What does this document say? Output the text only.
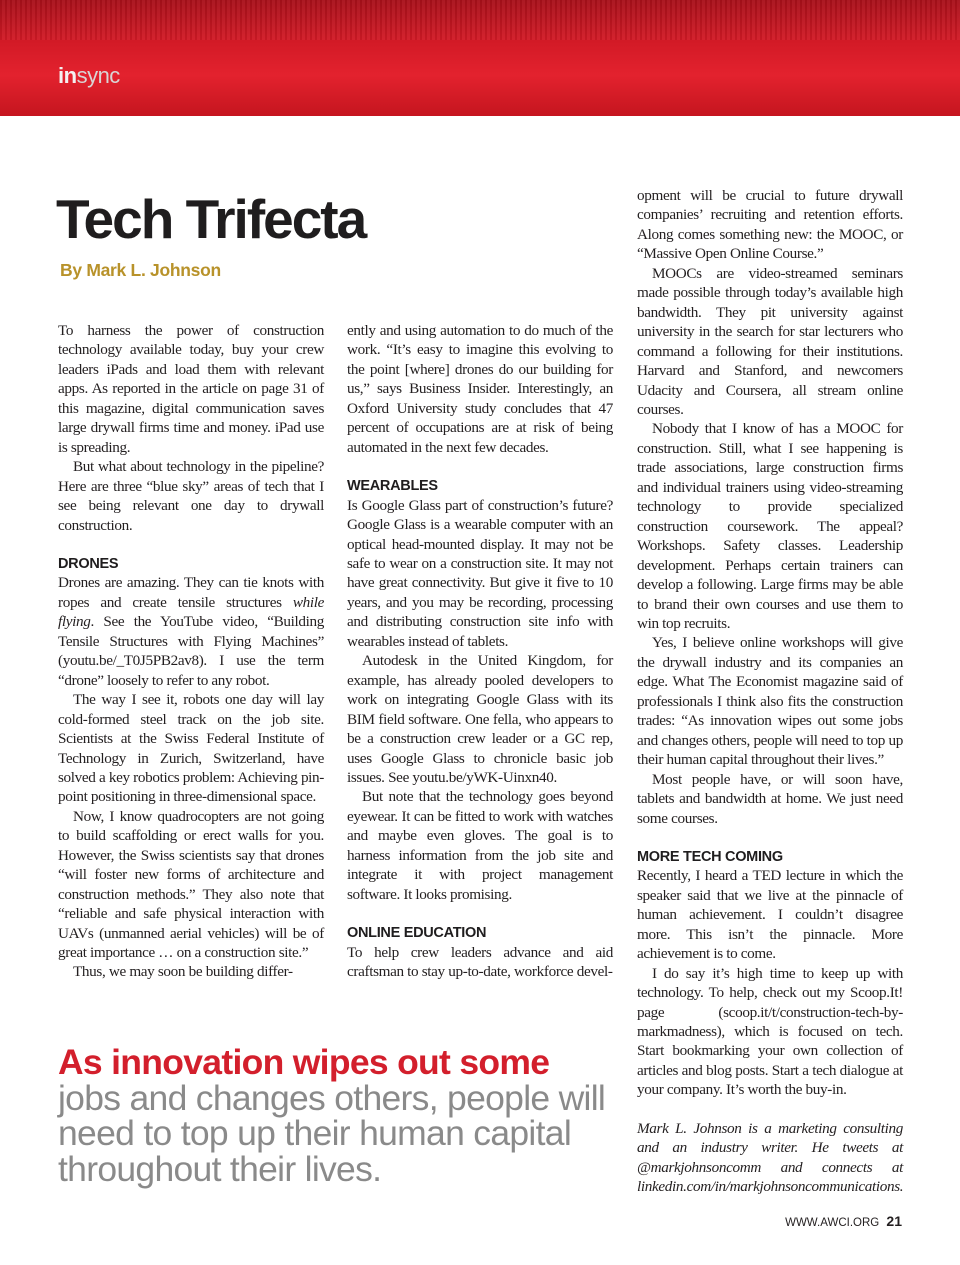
insync
Tech Trifecta
By Mark L. Johnson

To harness the power of construction technology available today, buy your crew leaders iPads and load them with relevant apps. As reported in the article on page 31 of this magazine, digital communication saves large drywall firms time and money. iPad use is spreading.

But what about technology in the pipeline? Here are three “blue sky” areas of tech that I see being relevant one day to drywall construction.

DRONES

Drones are amazing. They can tie knots with ropes and create tensile structures while flying. See the YouTube video, “Building Tensile Structures with Flying Machines” (youtu.be/_T0J5PB2av8). I use the term “drone” loosely to refer to any robot.

The way I see it, robots one day will lay cold-formed steel track on the job site. Scientists at the Swiss Federal Institute of Technology in Zurich, Switzerland, have solved a key robotics problem: Achieving pin-point positioning in three-dimensional space.

Now, I know quadrocopters are not going to build scaffolding or erect walls for you. However, the Swiss scientists say that drones “will foster new forms of architecture and construction methods.” They also note that “reliable and safe physical interaction with UAVs (unmanned aerial vehicles) will be of great importance … on a construction site.”

Thus, we may soon be building differ-

ently and using automation to do much of the work. “It’s easy to imagine this evolving to the point [where] drones do our building for us,” says Business Insider. Interestingly, an Oxford University study concludes that 47 percent of occupations are at risk of being automated in the next few decades.

WEARABLES

Is Google Glass part of construction’s future? Google Glass is a wearable computer with an optical head-mounted display. It may not be safe to wear on a construction site. It may not have great connectivity. But give it five to 10 years, and you may be recording, processing and distributing construction site info with wearables instead of tablets.

Autodesk in the United Kingdom, for example, has already pooled developers to work on integrating Google Glass with its BIM field software. One fella, who appears to be a construction crew leader or a GC rep, uses Google Glass to chronicle basic job issues. See youtu.be/yWK-Uinxn40.

But note that the technology goes beyond eyewear. It can be fitted to work with watches and maybe even gloves. The goal is to harness information from the job site and integrate it with project management software. It looks promising.

ONLINE EDUCATION

To help crew leaders advance and aid craftsman to stay up-to-date, workforce devel-

opment will be crucial to future drywall companies’ recruiting and retention efforts. Along comes something new: the MOOC, or “Massive Open Online Course.”

MOOCs are video-streamed seminars made possible through today’s available high bandwidth. They pit university against university in the search for star lecturers who command a following for their institutions. Harvard and Stanford, and newcomers Udacity and Coursera, all stream online courses.

Nobody that I know of has a MOOC for construction. Still, what I see happening is trade associations, large construction firms and individual trainers using video-streaming technology to provide specialized construction coursework. The appeal? Workshops. Safety classes. Leadership development. Perhaps certain trainers can develop a following. Large firms may be able to brand their own courses and use them to win top recruits.

Yes, I believe online workshops will give the drywall industry and its companies an edge. What The Economist magazine said of professionals I think also fits the construction trades: “As innovation wipes out some jobs and changes others, people will need to top up their human capital throughout their lives.”

Most people have, or will soon have, tablets and bandwidth at home. We just need some courses.

MORE TECH COMING

Recently, I heard a TED lecture in which the speaker said that we live at the pinnacle of human achievement. I couldn’t disagree more. This isn’t the pinnacle. More achievement is to come.

I do say it’s high time to keep up with technology. To help, check out my Scoop.It! page (scoop.it/t/construction-tech-by-markmadness), which is focused on tech. Start bookmarking your own collection of articles and blog posts. Start a tech dialogue at your company. It’s worth the buy-in.

Mark L. Johnson is a marketing consulting and an industry writer. He tweets at @markjohnsoncomm and connects at linkedin.com/in/markjohnsoncommunications.

As innovation wipes out some
jobs and changes others, people will need to top up their human capital throughout their lives.
WWW.AWCI.ORG 21
